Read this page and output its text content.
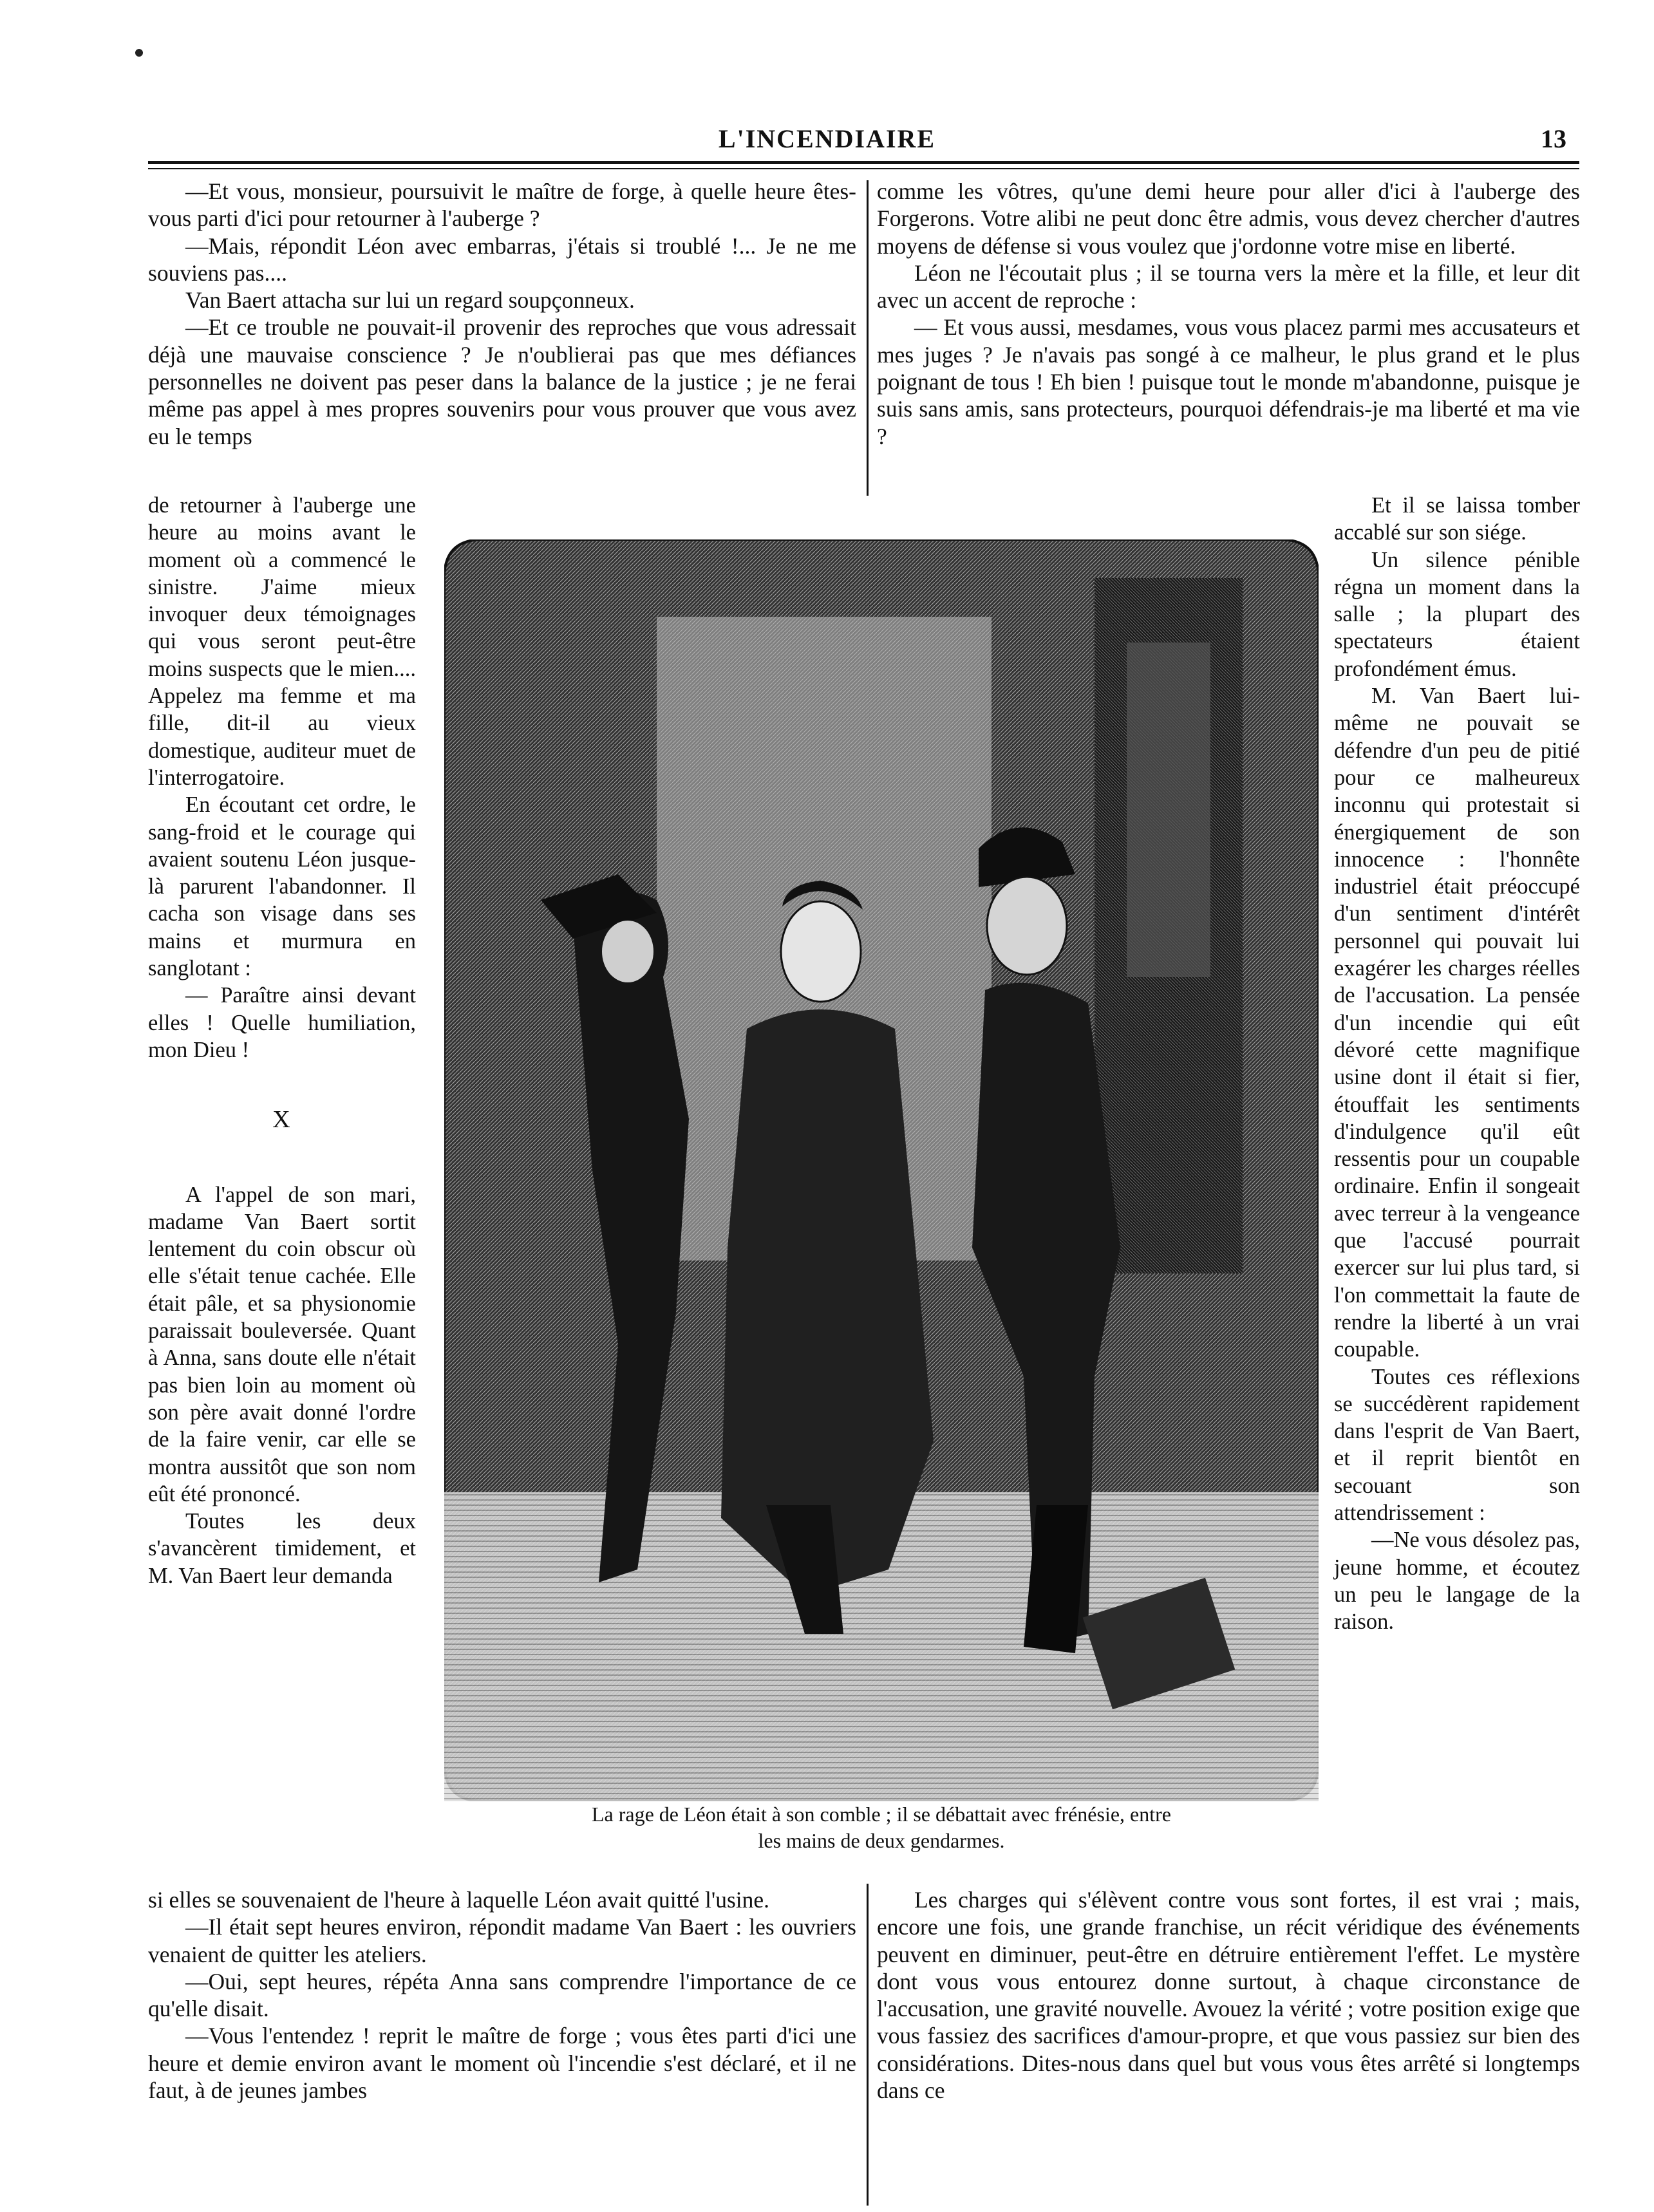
L'INCENDIAIRE	13

—Et vous, monsieur, poursuivit le maître de forge, à quelle heure êtes-vous parti d'ici pour retourner à l'auberge ?

—Mais, répondit Léon avec embarras, j'étais si troublé !... Je ne me souviens pas....

Van Baert attacha sur lui un regard soupçonneux.

—Et ce trouble ne pouvait-il provenir des reproches que vous adressait déjà une mauvaise conscience ? Je n'oublierai pas que mes défiances personnelles ne doivent pas peser dans la balance de la justice ; je ne ferai même pas appel à mes propres souvenirs pour vous prouver que vous avez eu le temps

comme les vôtres, qu'une demi heure pour aller d'ici à l'auberge des Forgerons. Votre alibi ne peut donc être admis, vous devez chercher d'autres moyens de défense si vous voulez que j'ordonne votre mise en liberté.

Léon ne l'écoutait plus ; il se tourna vers la mère et la fille, et leur dit avec un accent de reproche :

— Et vous aussi, mesdames, vous vous placez parmi mes accusateurs et mes juges ? Je n'avais pas songé à ce malheur, le plus grand et le plus poignant de tous ! Eh bien ! puisque tout le monde m'abandonne, puisque je suis sans amis, sans protecteurs, pourquoi défendrais-je ma liberté et ma vie ?

de retourner à l'auberge une heure au moins avant le moment où a commencé le sinistre. J'aime mieux invoquer deux témoignages qui vous seront peut-être moins suspects que le mien.... Appelez ma femme et ma fille, dit-il au vieux domestique, auditeur muet de l'interrogatoire.

En écoutant cet ordre, le sang-froid et le courage qui avaient soutenu Léon jusque-là parurent l'abandonner. Il cacha son visage dans ses mains et murmura en sanglotant :

— Paraître ainsi devant elles ! Quelle humiliation, mon Dieu !

X

A l'appel de son mari, madame Van Baert sortit lentement du coin obscur où elle s'était tenue cachée. Elle était pâle, et sa physionomie paraissait bouleversée. Quant à Anna, sans doute elle n'était pas bien loin au moment où son père avait donné l'ordre de la faire venir, car elle se montra aussitôt que son nom eût été prononcé.

Toutes les deux s'avancèrent timidement, et M. Van Baert leur demanda

La rage de Léon était à son comble ; il se débattait avec frénésie, entre

les mains de deux gendarmes.

Et il se laissa tomber accablé sur son siége.

Un silence pénible régna un moment dans la salle ; la plupart des spectateurs étaient profondément émus.

M. Van Baert lui-même ne pouvait se défendre d'un peu de pitié pour ce malheureux inconnu qui protestait si énergiquement de son innocence : l'honnête industriel était préoccupé d'un sentiment d'intérêt personnel qui pouvait lui exagérer les charges réelles de l'accusation. La pensée d'un incendie qui eût dévoré cette magnifique usine dont il était si fier, étouffait les sentiments d'indulgence qu'il eût ressentis pour un coupable ordinaire. Enfin il songeait avec terreur à la vengeance que l'accusé pourrait exercer sur lui plus tard, si l'on commettait la faute de rendre la liberté à un vrai coupable.

Toutes ces réflexions se succédèrent rapidement dans l'esprit de Van Baert, et il reprit bientôt en secouant son attendrissement :

—Ne vous désolez pas, jeune homme, et écoutez un peu le langage de la raison.

si elles se souvenaient de l'heure à laquelle Léon avait quitté l'usine.

—Il était sept heures environ, répondit madame Van Baert : les ouvriers venaient de quitter les ateliers.

—Oui, sept heures, répéta Anna sans comprendre l'importance de ce qu'elle disait.

—Vous l'entendez ! reprit le maître de forge ; vous êtes parti d'ici une heure et demie environ avant le moment où l'incendie s'est déclaré, et il ne faut, à de jeunes jambes

Les charges qui s'élèvent contre vous sont fortes, il est vrai ; mais, encore une fois, une grande franchise, un récit véridique des événements peuvent en diminuer, peut-être en détruire entièrement l'effet. Le mystère dont vous vous entourez donne surtout, à chaque circonstance de l'accusation, une gravité nouvelle. Avouez la vérité ; votre position exige que vous fassiez des sacrifices d'amour-propre, et que vous passiez sur bien des considérations. Dites-nous dans quel but vous vous êtes arrêté si longtemps dans ce
